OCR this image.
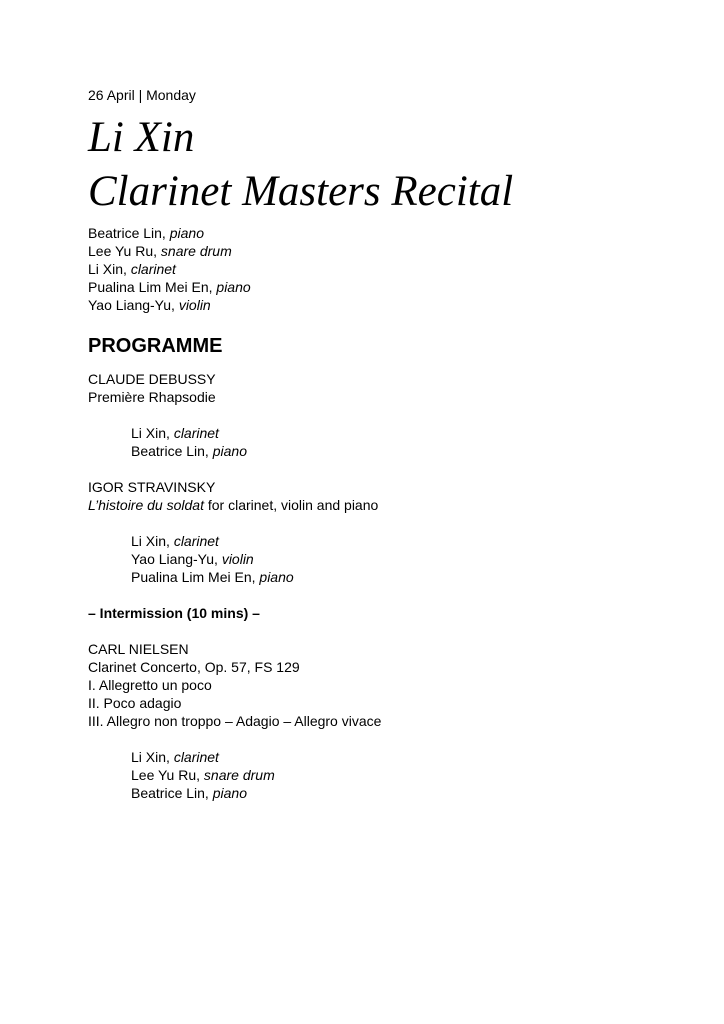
26 April | Monday

Li Xin
Clarinet Masters Recital
Beatrice Lin, piano
Lee Yu Ru, snare drum
Li Xin, clarinet
Pualina Lim Mei En, piano
Yao Liang-Yu, violin
PROGRAMME
CLAUDE DEBUSSY
Première Rhapsodie
Li Xin, clarinet
Beatrice Lin, piano
IGOR STRAVINSKY
L’histoire du soldat for clarinet, violin and piano
Li Xin, clarinet
Yao Liang-Yu, violin
Pualina Lim Mei En, piano
– Intermission (10 mins) –
CARL NIELSEN
Clarinet Concerto, Op. 57, FS 129
I. Allegretto un poco
II. Poco adagio
III. Allegro non troppo – Adagio – Allegro vivace
Li Xin, clarinet
Lee Yu Ru, snare drum
Beatrice Lin, piano
